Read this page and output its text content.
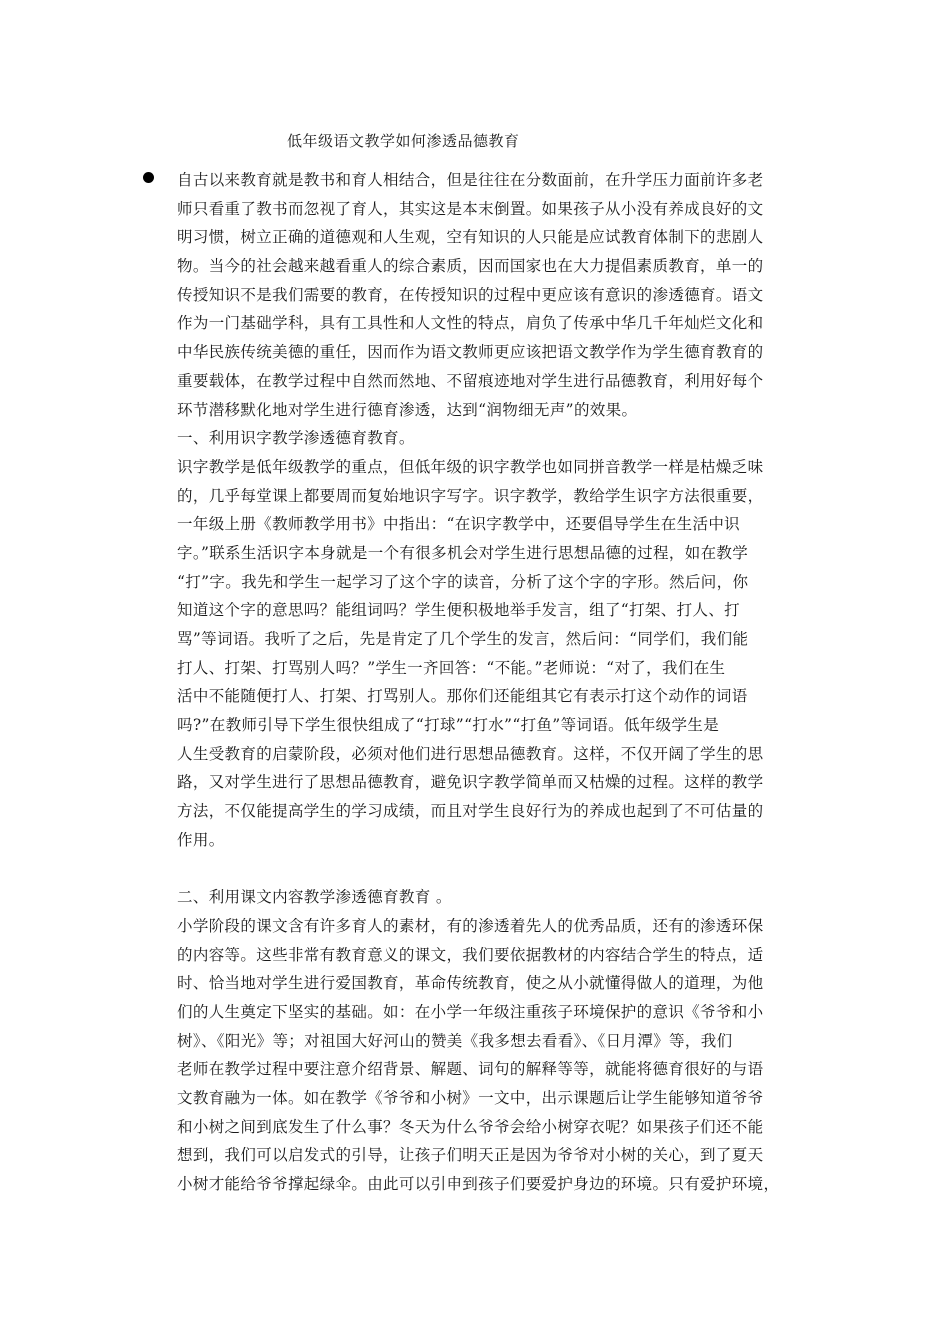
低年级语文教学如何渗透品德教育
自古以来教育就是教书和育人相结合，但是往往在分数面前，在升学压力面前许多老
师只看重了教书而忽视了育人，其实这是本末倒置。如果孩子从小没有养成良好的文
明习惯，树立正确的道德观和人生观，空有知识的人只能是应试教育体制下的悲剧人
物。当今的社会越来越看重人的综合素质，因而国家也在大力提倡素质教育，单一的
传授知识不是我们需要的教育，在传授知识的过程中更应该有意识的渗透德育。语文
作为一门基础学科，具有工具性和人文性的特点，肩负了传承中华几千年灿烂文化和
中华民族传统美德的重任，因而作为语文教师更应该把语文教学作为学生德育教育的
重要载体，在教学过程中自然而然地、不留痕迹地对学生进行品德教育，利用好每个
环节潜移默化地对学生进行德育渗透，达到“润物细无声”的效果。
一、利用识字教学渗透德育教育。
识字教学是低年级教学的重点，但低年级的识字教学也如同拼音教学一样是枯燥乏味
的，几乎每堂课上都要周而复始地识字写字。识字教学，教给学生识字方法很重要，
一年级上册《教师教学用书》中指出：“在识字教学中，还要倡导学生在生活中识
字。”联系生活识字本身就是一个有很多机会对学生进行思想品德的过程，如在教学
“打”字。我先和学生一起学习了这个字的读音，分析了这个字的字形。然后问，你
知道这个字的意思吗？能组词吗？学生便积极地举手发言，组了“打架、打人、打
骂”等词语。我听了之后，先是肯定了几个学生的发言，然后问：“同学们，我们能
打人、打架、打骂别人吗？”学生一齐回答：“不能。”老师说：“对了，我们在生
活中不能随便打人、打架、打骂别人。那你们还能组其它有表示打这个动作的词语
吗?”在教师引导下学生很快组成了“打球”“打水”“打鱼”等词语。低年级学生是
人生受教育的启蒙阶段，必须对他们进行思想品德教育。这样，不仅开阔了学生的思
路，又对学生进行了思想品德教育，避免识字教学简单而又枯燥的过程。这样的教学
方法，不仅能提高学生的学习成绩，而且对学生良好行为的养成也起到了不可估量的
作用。
二、利用课文内容教学渗透德育教育 。
小学阶段的课文含有许多育人的素材，有的渗透着先人的优秀品质，还有的渗透环保
的内容等。这些非常有教育意义的课文，我们要依据教材的内容结合学生的特点，适
时、恰当地对学生进行爱国教育，革命传统教育，使之从小就懂得做人的道理，为他
们的人生奠定下坚实的基础。如：在小学一年级注重孩子环境保护的意识《爷爷和小
树》、《阳光》等；对祖国大好河山的赞美《我多想去看看》、《日月潭》等，我们
老师在教学过程中要注意介绍背景、解题、词句的解释等等，就能将德育很好的与语
文教育融为一体。如在教学《爷爷和小树》一文中，出示课题后让学生能够知道爷爷
和小树之间到底发生了什么事？冬天为什么爷爷会给小树穿衣呢？如果孩子们还不能
想到，我们可以启发式的引导，让孩子们明天正是因为爷爷对小树的关心，到了夏天
小树才能给爷爷撑起绿伞。由此可以引申到孩子们要爱护身边的环境。只有爱护环境，
